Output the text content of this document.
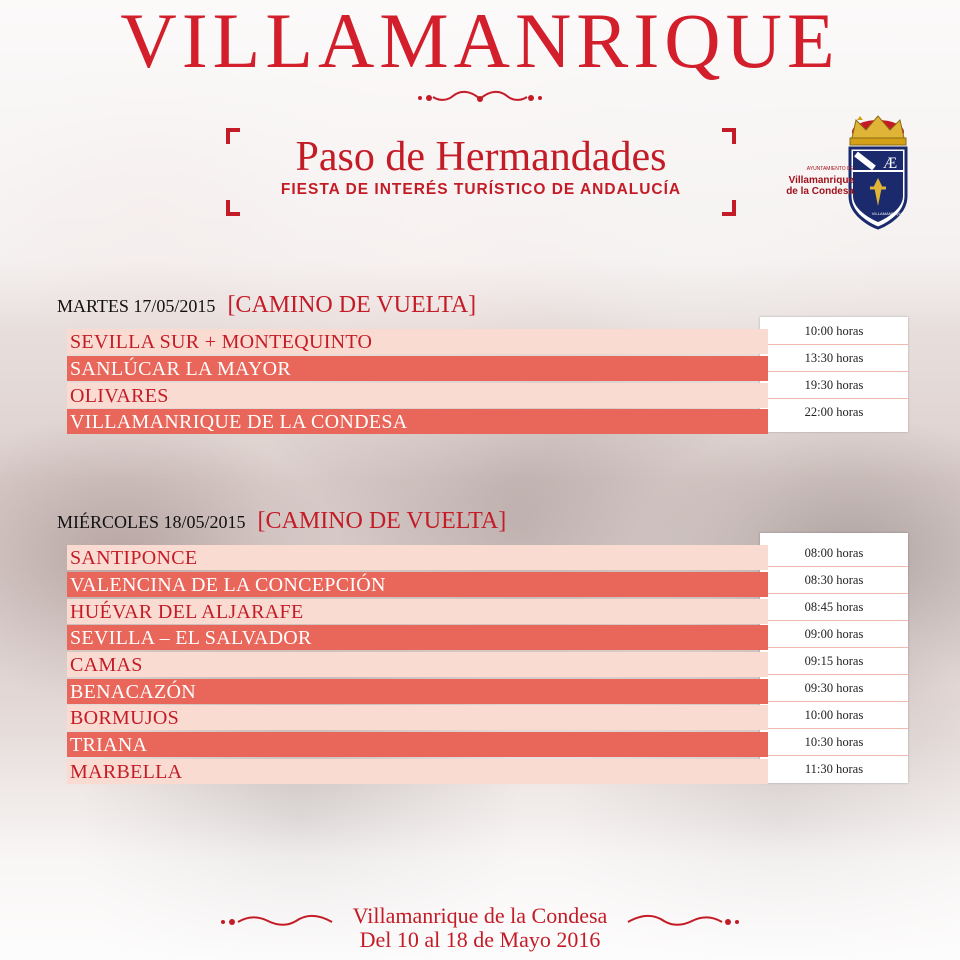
VILLAMANRIQUE
Paso de Hermandades
FIESTA DE INTERÉS TURÍSTICO DE ANDALUCÍA
Æ
AYUNTAMIENTO DE
Villamanrique
de la Condesa
VILLAMANRIQUE
MARTES 17/05/2015 [CAMINO DE VUELTA]
10:00 horas
13:30 horas
19:30 horas
22:00 horas
SEVILLA SUR + MONTEQUINTO
SANLÚCAR LA MAYOR
OLIVARES
VILLAMANRIQUE DE LA CONDESA
MIÉRCOLES 18/05/2015 [CAMINO DE VUELTA]
08:00 horas
08:30 horas
08:45 horas
09:00 horas
09:15 horas
09:30 horas
10:00 horas
10:30 horas
11:30 horas
SANTIPONCE
VALENCINA DE LA CONCEPCIÓN
HUÉVAR DEL ALJARAFE
SEVILLA – EL SALVADOR
CAMAS
BENACAZÓN
BORMUJOS
TRIANA
MARBELLA
Villamanrique de la Condesa
Del 10 al 18 de Mayo 2016
